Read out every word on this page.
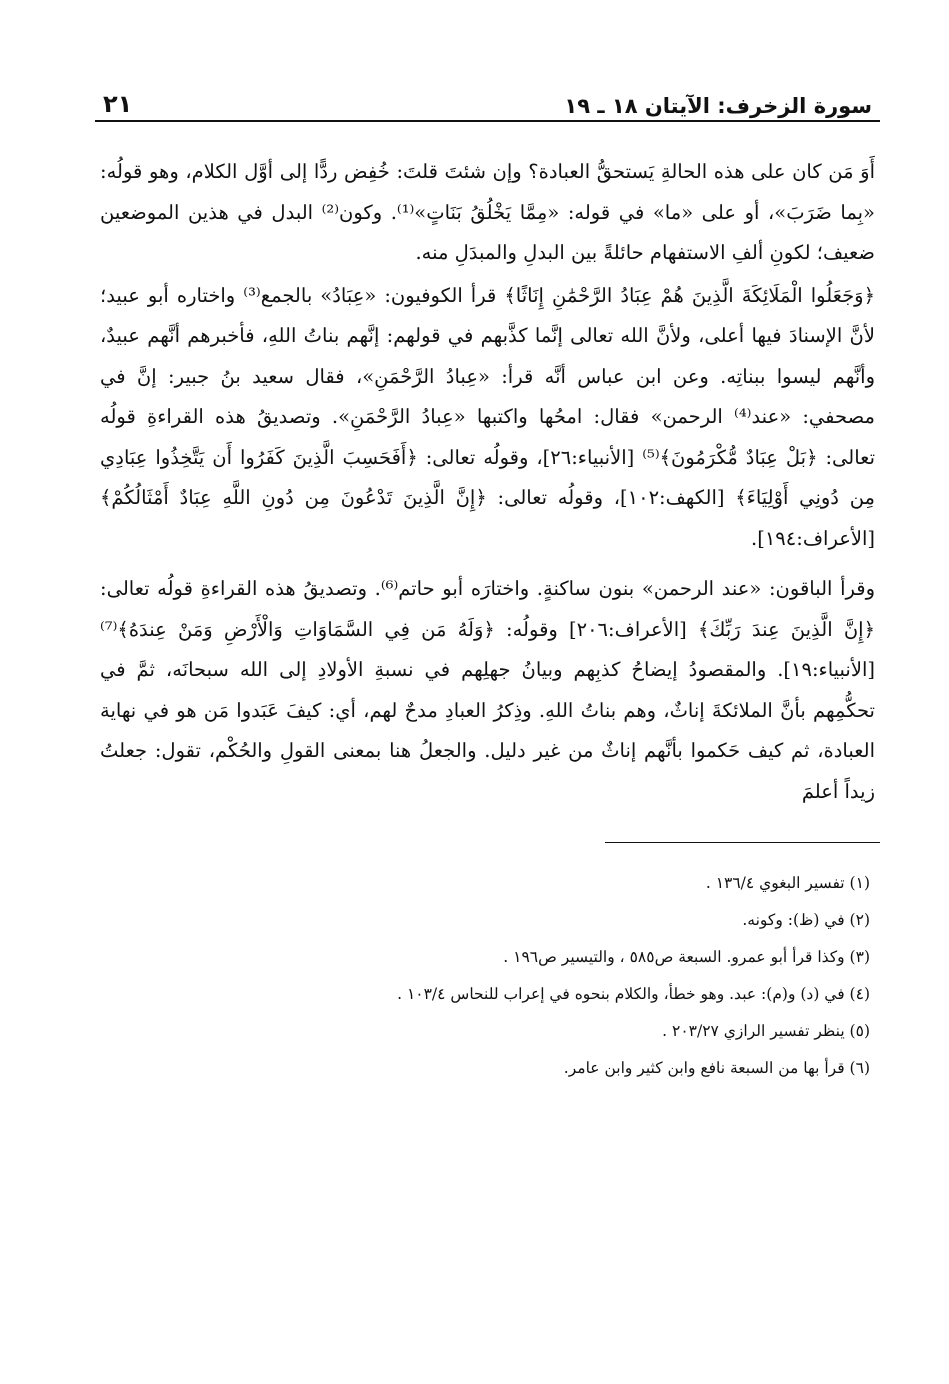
سورة الزخرف: الآيتان ١٨ ـ ١٩
٢١

أَوَ مَن كان على هذه الحالةِ يَستحقُّ العبادة؟ وإن شئتَ قلتَ: خُفِض ردًّا إلى أوَّل الكلام، وهو قولُه: «بِما ضَرَبَ»، أو على «ما» في قوله: «مِمَّا يَخْلُقُ بَنَاتٍ»⁽¹⁾. وكون⁽²⁾ البدل في هذين الموضعين ضعيف؛ لكونِ ألفِ الاستفهام حائلةً بين البدلِ والمبدَلِ منه.

﴿وَجَعَلُوا الْمَلَائِكَةَ الَّذِينَ هُمْ عِبَادُ الرَّحْمَٰنِ إِنَاثًا﴾ قرأ الكوفيون: «عِبَادُ» بالجمع⁽³⁾ واختاره أبو عبيد؛ لأنَّ الإسنادَ فيها أعلى، ولأنَّ الله تعالى إنَّما كذَّبهم في قولهم: إنَّهم بناتُ اللهِ، فأخبرهم أنَّهم عبيدٌ، وأنَّهم ليسوا ببناتِه. وعن ابن عباس أنَّه قرأ: «عِبادُ الرَّحْمَنِ»، فقال سعيد بنُ جبير: إنَّ في مصحفي: «عند⁽⁴⁾ الرحمن» فقال: امحُها واكتبها «عِبادُ الرَّحْمَنِ». وتصديقُ هذه القراءةِ قولُه تعالى: ﴿بَلْ عِبَادٌ مُّكْرَمُونَ﴾⁽⁵⁾ [الأنبياء:٢٦]، وقولُه تعالى: ﴿أَفَحَسِبَ الَّذِينَ كَفَرُوا أَن يَتَّخِذُوا عِبَادِي مِن دُونِي أَوْلِيَاءَ﴾ [الكهف:١٠٢]، وقولُه تعالى: ﴿إِنَّ الَّذِينَ تَدْعُونَ مِن دُونِ اللَّهِ عِبَادٌ أَمْثَالُكُمْ﴾ [الأعراف:١٩٤].

وقرأ الباقون: «عند الرحمن» بنون ساكنةٍ. واختارَه أبو حاتم⁽⁶⁾. وتصديقُ هذه القراءةِ قولُه تعالى: ﴿إِنَّ الَّذِينَ عِندَ رَبِّكَ﴾ [الأعراف:٢٠٦] وقولُه: ﴿وَلَهُ مَن فِي السَّمَاوَاتِ وَالْأَرْضِ وَمَنْ عِندَهُ﴾⁽⁷⁾ [الأنبياء:١٩]. والمقصودُ إيضاحُ كذبِهم وبيانُ جهلِهم في نسبةِ الأولادِ إلى الله سبحانَه، ثمَّ في تحكُّمِهم بأنَّ الملائكةَ إناثٌ، وهم بناتُ اللهِ. وذِكرُ العبادِ مدحٌ لهم، أي: كيفَ عَبَدوا مَن هو في نهاية العبادة، ثم كيف حَكموا بأنَّهم إناثٌ من غير دليل. والجعلُ هنا بمعنى القولِ والحُكْم، تقول: جعلتُ زيداً أعلمَ

(١) تفسير البغوي ١٣٦/٤ .

(٢) في (ظ): وكونه.

(٣) وكذا قرأ أبو عمرو. السبعة ص٥٨٥ ، والتيسير ص١٩٦ .

(٤) في (د) و(م): عبد. وهو خطأ، والكلام بنحوه في إعراب للنحاس ١٠٣/٤ .

(٥) ينظر تفسير الرازي ٢٠٣/٢٧ .

(٦) قرأ بها من السبعة نافع وابن كثير وابن عامر.
